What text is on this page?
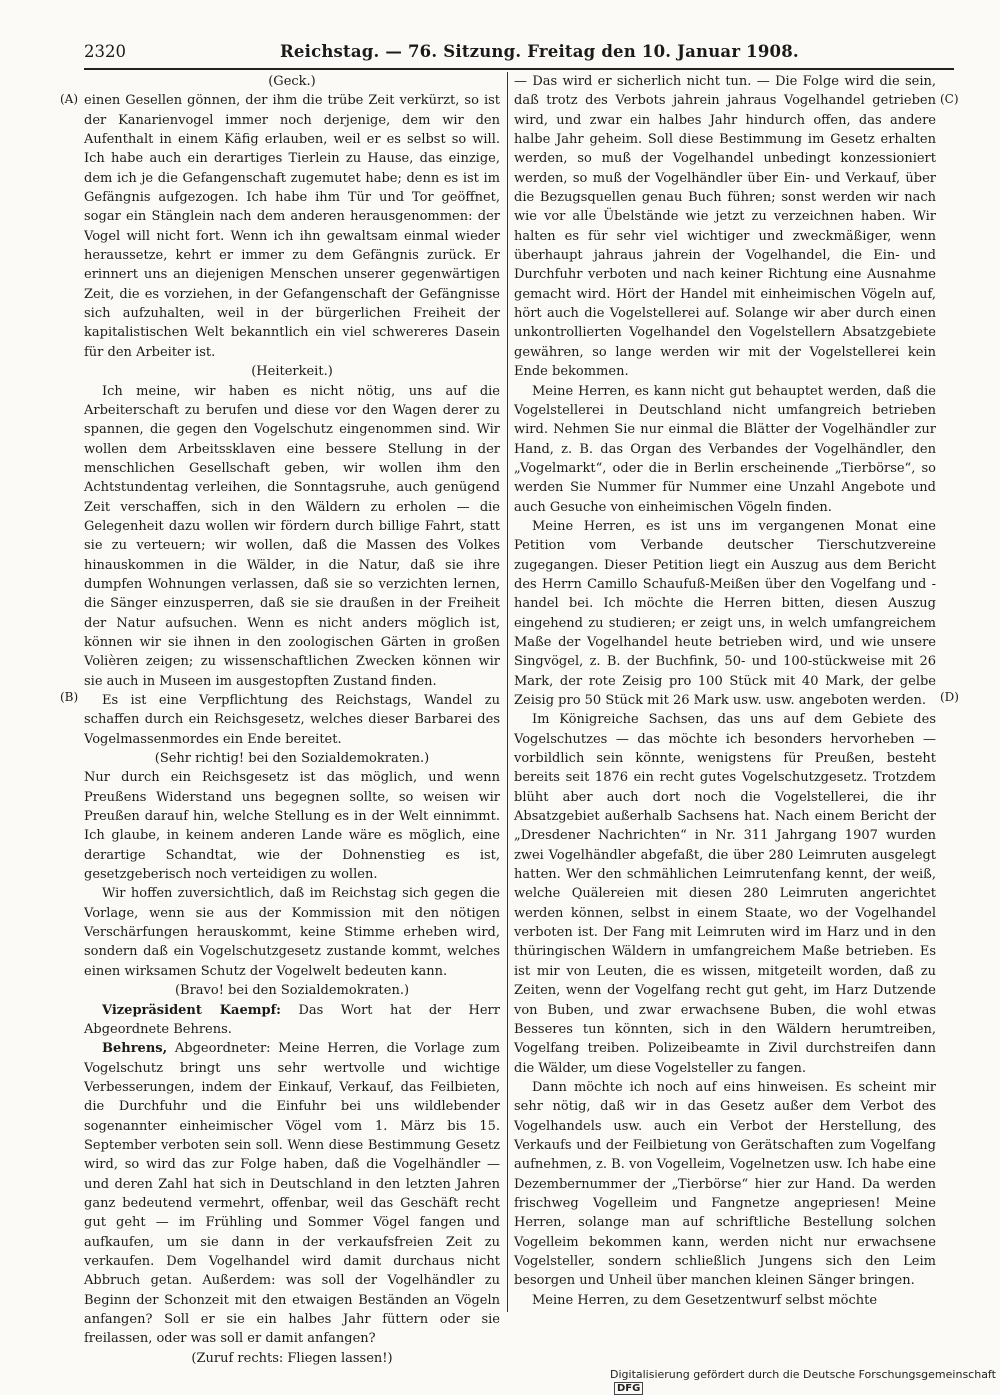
2320	Reichstag. — 76. Sitzung. Freitag den 10. Januar 1908.
(A)
(B)
(C)
(D)

(Geck.)

einen Gesellen gönnen, der ihm die trübe Zeit verkürzt, so ist der Kanarienvogel immer noch derjenige, dem wir den Aufenthalt in einem Käfig erlauben, weil er es selbst so will. Ich habe auch ein derartiges Tierlein zu Hause, das einzige, dem ich je die Gefangenschaft zugemutet habe; denn es ist im Gefängnis aufgezogen. Ich habe ihm Tür und Tor geöffnet, sogar ein Stänglein nach dem anderen herausgenommen: der Vogel will nicht fort. Wenn ich ihn gewaltsam einmal wieder heraussetze, kehrt er immer zu dem Gefängnis zurück. Er erinnert uns an diejenigen Menschen unserer gegenwärtigen Zeit, die es vorziehen, in der Gefangenschaft der Gefängnisse sich aufzuhalten, weil in der bürgerlichen Freiheit der kapitalistischen Welt bekanntlich ein viel schwereres Dasein für den Arbeiter ist.

(Heiterkeit.)

Ich meine, wir haben es nicht nötig, uns auf die Arbeiterschaft zu berufen und diese vor den Wagen derer zu spannen, die gegen den Vogelschutz eingenommen sind. Wir wollen dem Arbeitssklaven eine bessere Stellung in der menschlichen Gesellschaft geben, wir wollen ihm den Achtstundentag verleihen, die Sonntagsruhe, auch genügend Zeit verschaffen, sich in den Wäldern zu erholen — die Gelegenheit dazu wollen wir fördern durch billige Fahrt, statt sie zu verteuern; wir wollen, daß die Massen des Volkes hinauskommen in die Wälder, in die Natur, daß sie ihre dumpfen Wohnungen verlassen, daß sie so verzichten lernen, die Sänger einzusperren, daß sie sie draußen in der Freiheit der Natur aufsuchen. Wenn es nicht anders möglich ist, können wir sie ihnen in den zoologischen Gärten in großen Volièren zeigen; zu wissenschaftlichen Zwecken können wir sie auch in Museen im ausgestopften Zustand finden.

Es ist eine Verpflichtung des Reichstags, Wandel zu schaffen durch ein Reichsgesetz, welches dieser Barbarei des Vogelmassenmordes ein Ende bereitet.

(Sehr richtig! bei den Sozialdemokraten.)

Nur durch ein Reichsgesetz ist das möglich, und wenn Preußens Widerstand uns begegnen sollte, so weisen wir Preußen darauf hin, welche Stellung es in der Welt einnimmt. Ich glaube, in keinem anderen Lande wäre es möglich, eine derartige Schandtat, wie der Dohnenstieg es ist, gesetzgeberisch noch verteidigen zu wollen.

Wir hoffen zuversichtlich, daß im Reichstag sich gegen die Vorlage, wenn sie aus der Kommission mit den nötigen Verschärfungen herauskommt, keine Stimme erheben wird, sondern daß ein Vogelschutzgesetz zustande kommt, welches einen wirksamen Schutz der Vogelwelt bedeuten kann.

(Bravo! bei den Sozialdemokraten.)

Vizepräsident Kaempf: Das Wort hat der Herr Abgeordnete Behrens.

Behrens, Abgeordneter: Meine Herren, die Vorlage zum Vogelschutz bringt uns sehr wertvolle und wichtige Verbesserungen, indem der Einkauf, Verkauf, das Feilbieten, die Durchfuhr und die Einfuhr bei uns wildlebender sogenannter einheimischer Vögel vom 1. März bis 15. September verboten sein soll. Wenn diese Bestimmung Gesetz wird, so wird das zur Folge haben, daß die Vogelhändler — und deren Zahl hat sich in Deutschland in den letzten Jahren ganz bedeutend vermehrt, offenbar, weil das Geschäft recht gut geht — im Frühling und Sommer Vögel fangen und aufkaufen, um sie dann in der verkaufsfreien Zeit zu verkaufen. Dem Vogelhandel wird damit durchaus nicht Abbruch getan. Außerdem: was soll der Vogelhändler zu Beginn der Schonzeit mit den etwaigen Beständen an Vögeln anfangen? Soll er sie ein halbes Jahr füttern oder sie freilassen, oder was soll er damit anfangen?

(Zuruf rechts: Fliegen lassen!)

— Das wird er sicherlich nicht tun. — Die Folge wird die sein, daß trotz des Verbots jahrein jahraus Vogelhandel getrieben wird, und zwar ein halbes Jahr hindurch offen, das andere halbe Jahr geheim. Soll diese Bestimmung im Gesetz erhalten werden, so muß der Vogelhandel unbedingt konzessioniert werden, so muß der Vogelhändler über Ein- und Verkauf, über die Bezugsquellen genau Buch führen; sonst werden wir nach wie vor alle Übelstände wie jetzt zu verzeichnen haben. Wir halten es für sehr viel wichtiger und zweckmäßiger, wenn überhaupt jahraus jahrein der Vogelhandel, die Ein- und Durchfuhr verboten und nach keiner Richtung eine Ausnahme gemacht wird. Hört der Handel mit einheimischen Vögeln auf, hört auch die Vogelstellerei auf. Solange wir aber durch einen unkontrollierten Vogelhandel den Vogelstellern Absatzgebiete gewähren, so lange werden wir mit der Vogelstellerei kein Ende bekommen.

Meine Herren, es kann nicht gut behauptet werden, daß die Vogelstellerei in Deutschland nicht umfangreich betrieben wird. Nehmen Sie nur einmal die Blätter der Vogelhändler zur Hand, z. B. das Organ des Verbandes der Vogelhändler, den „Vogelmarkt“, oder die in Berlin erscheinende „Tierbörse“, so werden Sie Nummer für Nummer eine Unzahl Angebote und auch Gesuche von einheimischen Vögeln finden.

Meine Herren, es ist uns im vergangenen Monat eine Petition vom Verbande deutscher Tierschutzvereine zugegangen. Dieser Petition liegt ein Auszug aus dem Bericht des Herrn Camillo Schaufuß-Meißen über den Vogelfang und -handel bei. Ich möchte die Herren bitten, diesen Auszug eingehend zu studieren; er zeigt uns, in welch umfangreichem Maße der Vogelhandel heute betrieben wird, und wie unsere Singvögel, z. B. der Buchfink, 50- und 100-stückweise mit 26 Mark, der rote Zeisig pro 100 Stück mit 40 Mark, der gelbe Zeisig pro 50 Stück mit 26 Mark usw. usw. angeboten werden.

Im Königreiche Sachsen, das uns auf dem Gebiete des Vogelschutzes — das möchte ich besonders hervorheben — vorbildlich sein könnte, wenigstens für Preußen, besteht bereits seit 1876 ein recht gutes Vogelschutzgesetz. Trotzdem blüht aber auch dort noch die Vogelstellerei, die ihr Absatzgebiet außerhalb Sachsens hat. Nach einem Bericht der „Dresdener Nachrichten“ in Nr. 311 Jahrgang 1907 wurden zwei Vogelhändler abgefaßt, die über 280 Leimruten ausgelegt hatten. Wer den schmählichen Leimrutenfang kennt, der weiß, welche Quälereien mit diesen 280 Leimruten angerichtet werden können, selbst in einem Staate, wo der Vogelhandel verboten ist. Der Fang mit Leimruten wird im Harz und in den thüringischen Wäldern in umfangreichem Maße betrieben. Es ist mir von Leuten, die es wissen, mitgeteilt worden, daß zu Zeiten, wenn der Vogelfang recht gut geht, im Harz Dutzende von Buben, und zwar erwachsene Buben, die wohl etwas Besseres tun könnten, sich in den Wäldern herumtreiben, Vogelfang treiben. Polizeibeamte in Zivil durchstreifen dann die Wälder, um diese Vogelsteller zu fangen.

Dann möchte ich noch auf eins hinweisen. Es scheint mir sehr nötig, daß wir in das Gesetz außer dem Verbot des Vogelhandels usw. auch ein Verbot der Herstellung, des Verkaufs und der Feilbietung von Gerätschaften zum Vogelfang aufnehmen, z. B. von Vogelleim, Vogelnetzen usw. Ich habe eine Dezembernummer der „Tierbörse“ hier zur Hand. Da werden frischweg Vogelleim und Fangnetze angepriesen! Meine Herren, solange man auf schriftliche Bestellung solchen Vogelleim bekommen kann, werden nicht nur erwachsene Vogelsteller, sondern schließlich Jungens sich den Leim besorgen und Unheil über manchen kleinen Sänger bringen.

Meine Herren, zu dem Gesetzentwurf selbst möchte

Digitalisierung gefördert durch die Deutsche Forschungsgemeinschaft DFG
